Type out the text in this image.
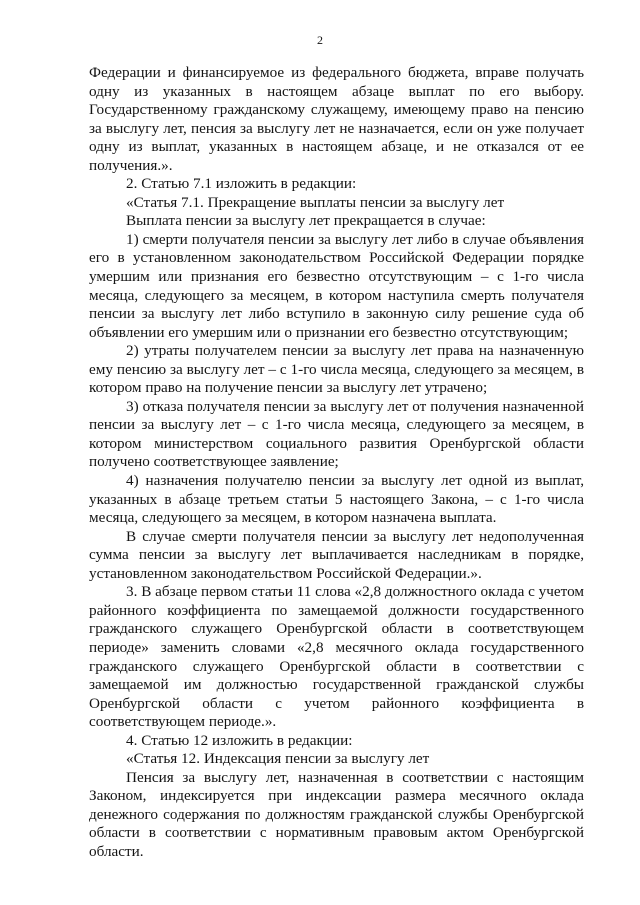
2

Федерации и финансируемое из федерального бюджета, вправе получать одну из указанных в настоящем абзаце выплат по его выбору. Государственному гражданскому служащему, имеющему право на пенсию за выслугу лет, пенсия за выслугу лет не назначается, если он уже получает одну из выплат, указанных в настоящем абзаце, и не отказался от ее получения.».

2. Статью 7.1 изложить в редакции:

«Статья 7.1. Прекращение выплаты пенсии за выслугу лет

Выплата пенсии за выслугу лет прекращается в случае:

1) смерти получателя пенсии за выслугу лет либо в случае объявления его в установленном законодательством Российской Федерации порядке умершим или признания его безвестно отсутствующим – с 1-го числа месяца, следующего за месяцем, в котором наступила смерть получателя пенсии за выслугу лет либо вступило в законную силу решение суда об объявлении его умершим или о признании его безвестно отсутствующим;

2) утраты получателем пенсии за выслугу лет права на назначенную ему пенсию за выслугу лет – с 1-го числа месяца, следующего за месяцем, в котором право на получение пенсии за выслугу лет утрачено;

3) отказа получателя пенсии за выслугу лет от получения назначенной пенсии за выслугу лет – с 1-го числа месяца, следующего за месяцем, в котором министерством социального развития Оренбургской области получено соответствующее заявление;

4) назначения получателю пенсии за выслугу лет одной из выплат, указанных в абзаце третьем статьи 5 настоящего Закона, – с 1-го числа месяца, следующего за месяцем, в котором назначена выплата.

В случае смерти получателя пенсии за выслугу лет недополученная сумма пенсии за выслугу лет выплачивается наследникам в порядке, установленном законодательством Российской Федерации.».

3. В абзаце первом статьи 11 слова «2,8 должностного оклада с учетом районного коэффициента по замещаемой должности государственного гражданского служащего Оренбургской области в соответствующем периоде» заменить словами «2,8 месячного оклада государственного гражданского служащего Оренбургской области в соответствии с замещаемой им должностью государственной гражданской службы Оренбургской области с учетом районного коэффициента в соответствующем периоде.».

4. Статью 12 изложить в редакции:

«Статья 12. Индексация пенсии за выслугу лет

Пенсия за выслугу лет, назначенная в соответствии с настоящим Законом, индексируется при индексации размера месячного оклада денежного содержания по должностям гражданской службы Оренбургской области в соответствии с нормативным правовым актом Оренбургской области.
